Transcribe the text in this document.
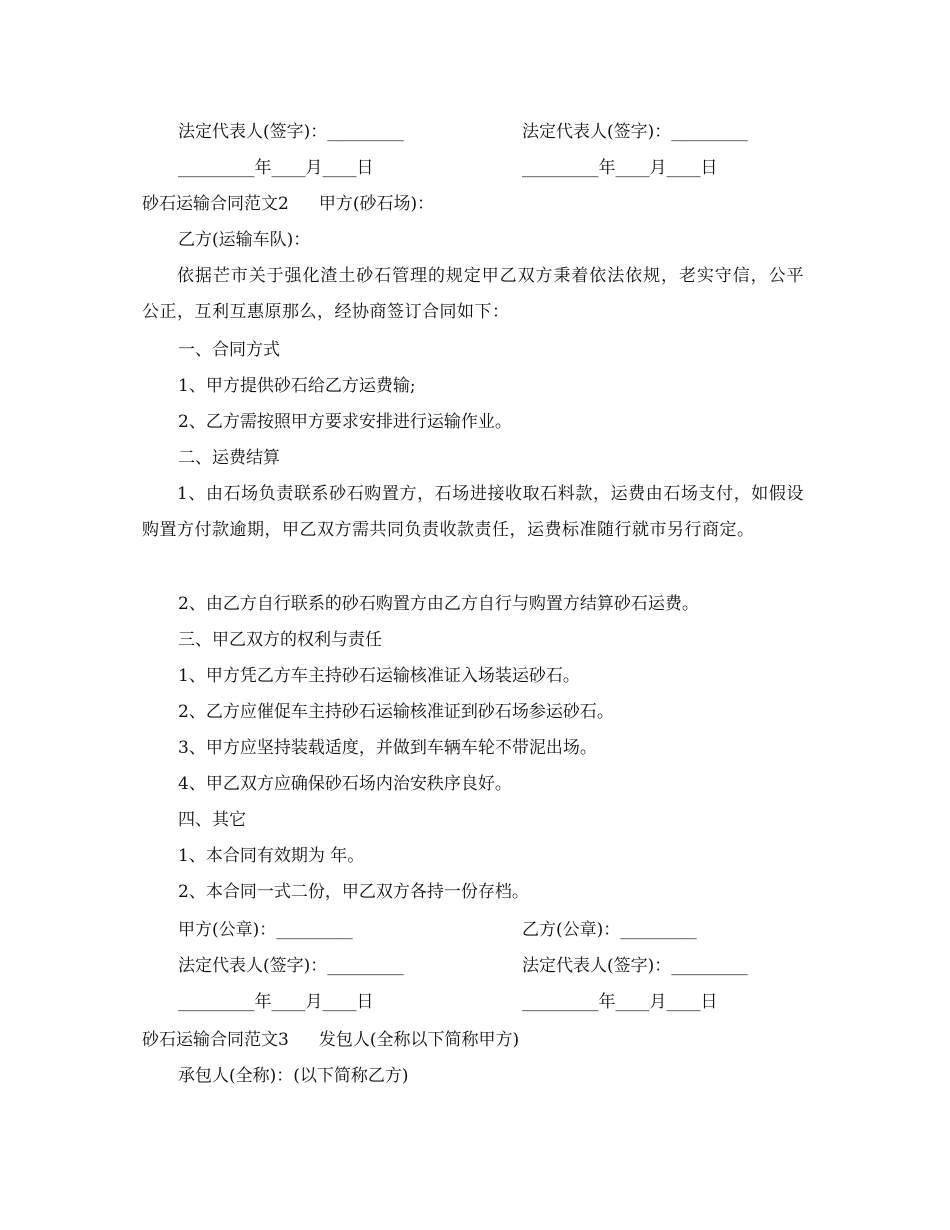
法定代表人(签字)：_________	法定代表人(签字)：_________

_________年____月____日	_________年____月____日

砂石运输合同范文2 甲方(砂石场)：

乙方(运输车队)：

依据芒市关于强化渣土砂石管理的规定甲乙双方秉着依法依规，老实守信，公平公正，互利互惠原那么，经协商签订合同如下：

一、合同方式

1、甲方提供砂石给乙方运费输;

2、乙方需按照甲方要求安排进行运输作业。

二、运费结算

1、由石场负责联系砂石购置方，石场进接收取石料款，运费由石场支付，如假设购置方付款逾期，甲乙双方需共同负责收款责任，运费标准随行就市另行商定。

2、由乙方自行联系的砂石购置方由乙方自行与购置方结算砂石运费。

三、甲乙双方的权利与责任

1、甲方凭乙方车主持砂石运输核准证入场装运砂石。

2、乙方应催促车主持砂石运输核准证到砂石场参运砂石。

3、甲方应坚持装载适度，并做到车辆车轮不带泥出场。

4、甲乙双方应确保砂石场内治安秩序良好。

四、其它

1、本合同有效期为 年。

2、本合同一式二份，甲乙双方各持一份存档。

甲方(公章)：_________	乙方(公章)：_________

法定代表人(签字)：_________	法定代表人(签字)：_________

_________年____月____日	_________年____月____日

砂石运输合同范文3 发包人(全称以下简称甲方)

承包人(全称)：(以下简称乙方)
